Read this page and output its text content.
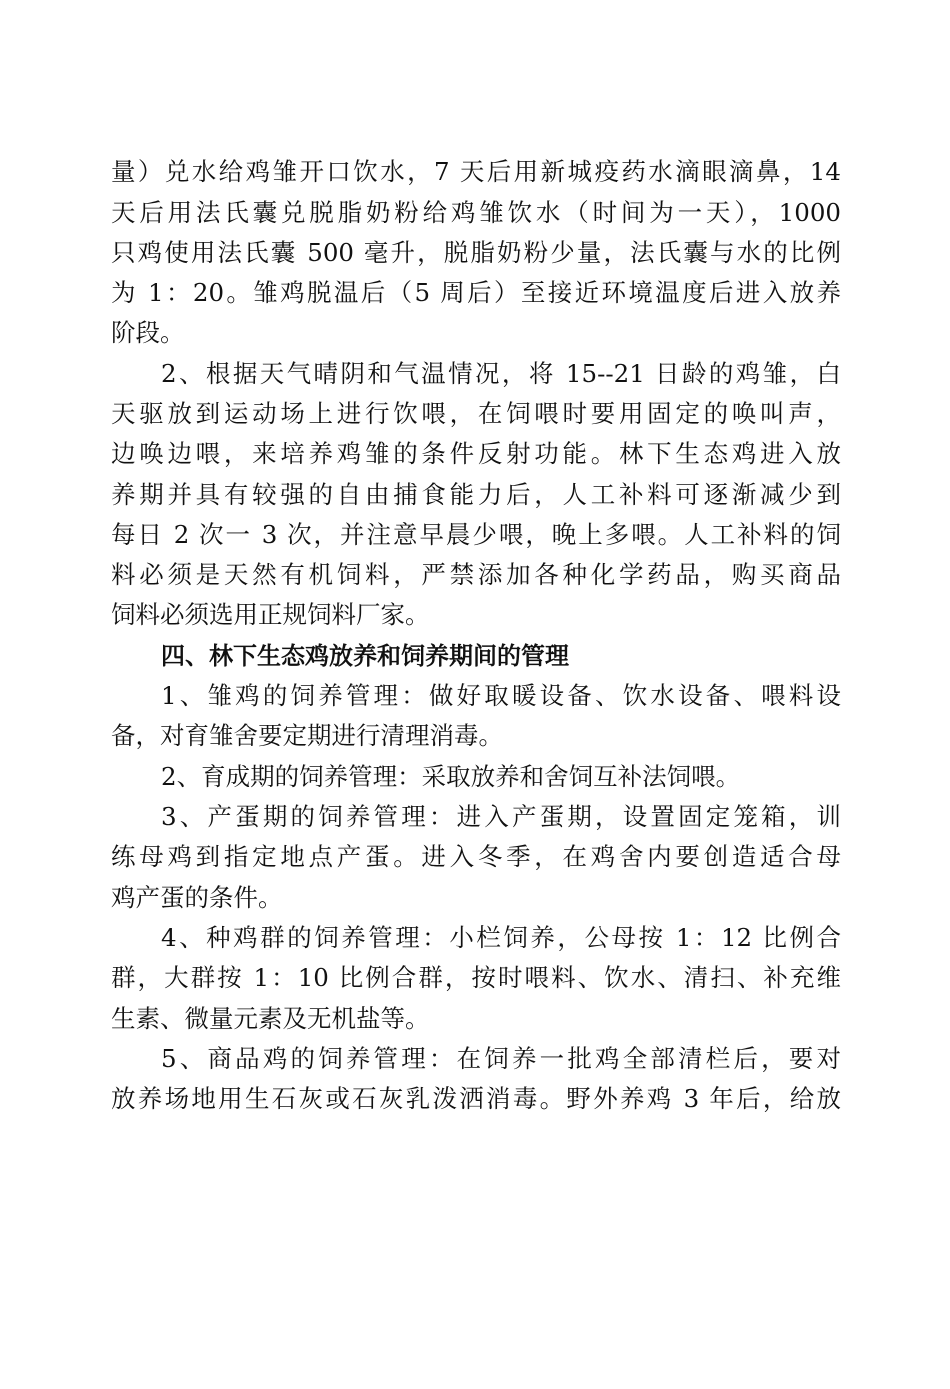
量）兑水给鸡雏开口饮水，7 天后用新城疫药水滴眼滴鼻，14
天后用法氏囊兑脱脂奶粉给鸡雏饮水（时间为一天），1000
只鸡使用法氏囊 500 毫升，脱脂奶粉少量，法氏囊与水的比例
为 1：20。雏鸡脱温后（5 周后）至接近环境温度后进入放养
阶段。
2、根据天气晴阴和气温情况，将 15--21 日龄的鸡雏，白
天驱放到运动场上进行饮喂，在饲喂时要用固定的唤叫声，
边唤边喂，来培养鸡雏的条件反射功能。林下生态鸡进入放
养期并具有较强的自由捕食能力后，人工补料可逐渐减少到
每日 2 次一 3 次，并注意早晨少喂，晚上多喂。人工补料的饲
料必须是天然有机饲料，严禁添加各种化学药品，购买商品
饲料必须选用正规饲料厂家。
四、林下生态鸡放养和饲养期间的管理
1、雏鸡的饲养管理：做好取暖设备、饮水设备、喂料设
备，对育雏舍要定期进行清理消毒。
2、育成期的饲养管理：采取放养和舍饲互补法饲喂。
3、产蛋期的饲养管理：进入产蛋期，设置固定笼箱，训
练母鸡到指定地点产蛋。进入冬季，在鸡舍内要创造适合母
鸡产蛋的条件。
4、种鸡群的饲养管理：小栏饲养，公母按 1：12 比例合
群，大群按 1：10 比例合群，按时喂料、饮水、清扫、补充维
生素、微量元素及无机盐等。
5、商品鸡的饲养管理：在饲养一批鸡全部清栏后，要对
放养场地用生石灰或石灰乳泼洒消毒。野外养鸡 3 年后，给放
